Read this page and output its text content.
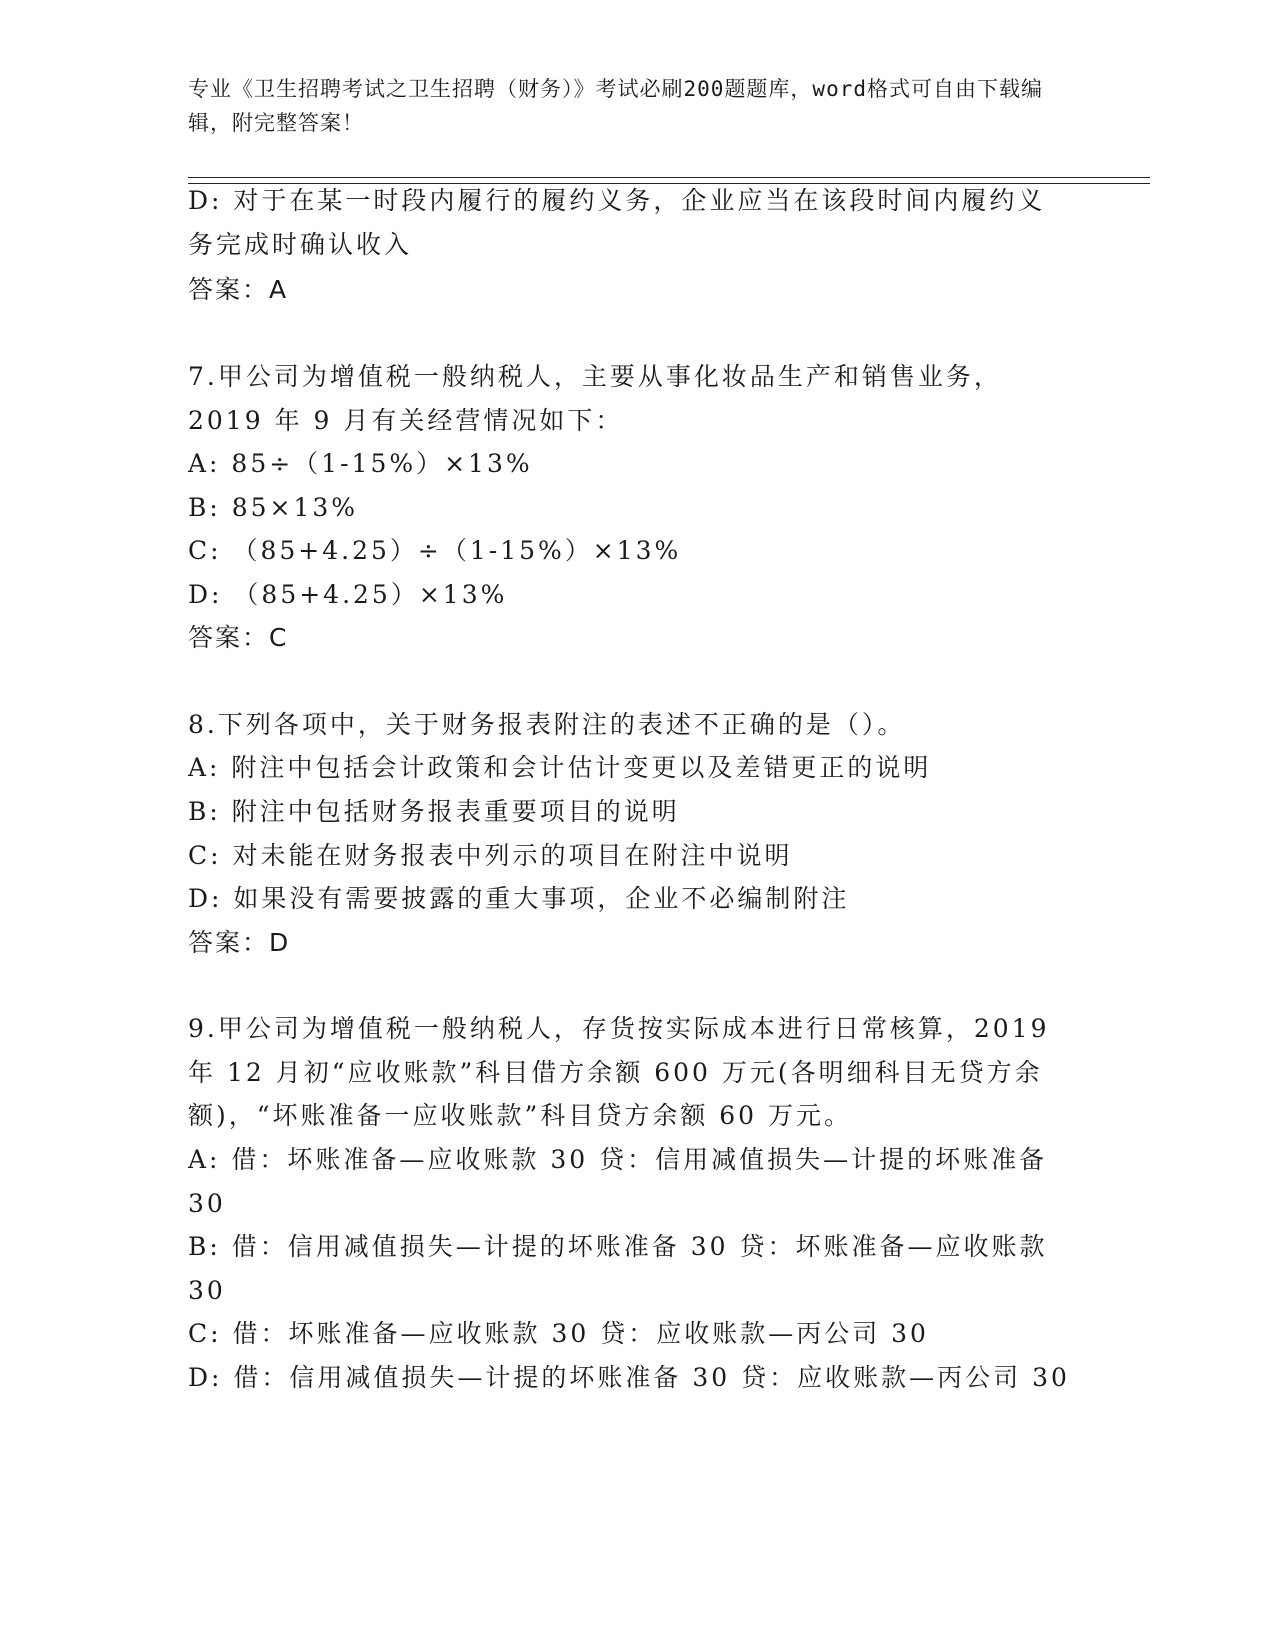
专业《卫生招聘考试之卫生招聘（财务）》考试必刷200题题库，word格式可自由下载编辑，附完整答案！
D: 对于在某一时段内履行的履约义务，企业应当在该段时间内履约义
务完成时确认收入
答案：A
7.甲公司为增值税一般纳税人，主要从事化妆品生产和销售业务，
2019 年 9 月有关经营情况如下：
A: 85÷（1-15%）×13%
B: 85×13%
C: （85+4.25）÷（1-15%）×13%
D: （85+4.25）×13%
答案：C
8.下列各项中，关于财务报表附注的表述不正确的是（）。
A: 附注中包括会计政策和会计估计变更以及差错更正的说明
B: 附注中包括财务报表重要项目的说明
C: 对未能在财务报表中列示的项目在附注中说明
D: 如果没有需要披露的重大事项，企业不必编制附注
答案：D
9.甲公司为增值税一般纳税人，存货按实际成本进行日常核算，2019
年 12 月初“应收账款”科目借方余额 600 万元(各明细科目无贷方余
额)，“坏账准备一应收账款”科目贷方余额 60 万元。
A: 借：坏账准备—应收账款 30 贷：信用减值损失—计提的坏账准备
30
B: 借：信用减值损失—计提的坏账准备 30 贷：坏账准备—应收账款
30
C: 借：坏账准备—应收账款 30 贷：应收账款—丙公司 30
D: 借：信用减值损失—计提的坏账准备 30 贷：应收账款—丙公司 30
